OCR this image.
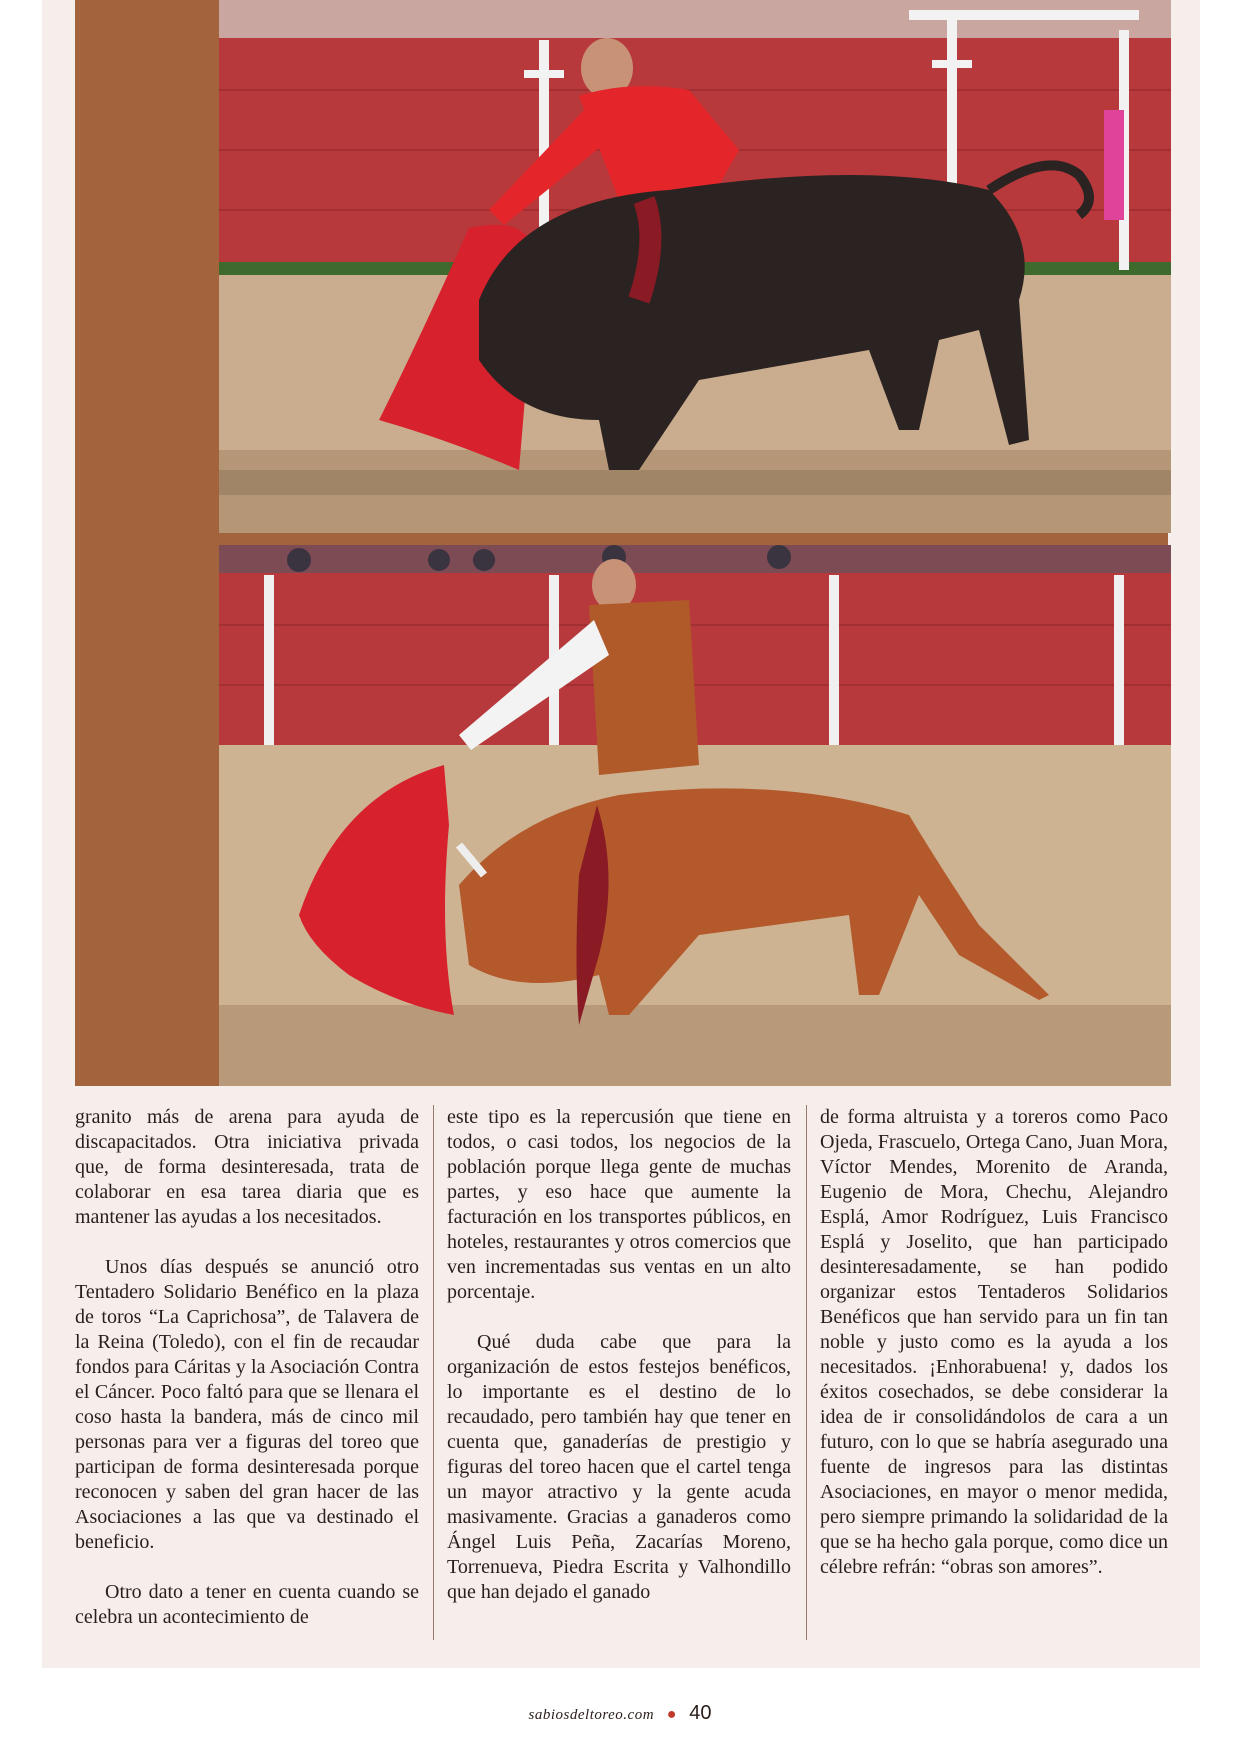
granito más de arena para ayuda de discapacitados. Otra iniciativa privada que, de forma desinteresada, trata de colaborar en esa tarea diaria que es mantener las ayudas a los necesitados.

Unos días después se anunció otro Tentadero Solidario Benéfico en la plaza de toros “La Caprichosa”, de Talavera de la Reina (Toledo), con el fin de recaudar fondos para Cáritas y la Asociación Contra el Cáncer. Poco faltó para que se llenara el coso hasta la bandera, más de cinco mil personas para ver a figuras del toreo que participan de forma desinteresada porque reconocen y saben del gran hacer de las Asociaciones a las que va destinado el beneficio.

Otro dato a tener en cuenta cuando se celebra un acontecimiento de

este tipo es la repercusión que tiene en todos, o casi todos, los negocios de la población porque llega gente de muchas partes, y eso hace que aumente la facturación en los transportes públicos, en hoteles, restaurantes y otros comercios que ven incrementadas sus ventas en un alto porcentaje.

Qué duda cabe que para la organización de estos festejos benéficos, lo importante es el destino de lo recaudado, pero también hay que tener en cuenta que, ganaderías de prestigio y figuras del toreo hacen que el cartel tenga un mayor atractivo y la gente acuda masivamente. Gracias a ganaderos como Ángel Luis Peña, Zacarías Moreno, Torrenueva, Piedra Escrita y Valhondillo que han dejado el ganado

de forma altruista y a toreros como Paco Ojeda, Frascuelo, Ortega Cano, Juan Mora, Víctor Mendes, Morenito de Aranda, Eugenio de Mora, Chechu, Alejandro Esplá, Amor Rodríguez, Luis Francisco Esplá y Joselito, que han participado desinteresadamente, se han podido organizar estos Tentaderos Solidarios Benéficos que han servido para un fin tan noble y justo como es la ayuda a los necesitados. ¡Enhorabuena! y, dados los éxitos cosechados, se debe considerar la idea de ir consolidándolos de cara a un futuro, con lo que se habría asegurado una fuente de ingresos para las distintas Asociaciones, en mayor o menor medida, pero siempre primando la solidaridad de la que se ha hecho gala porque, como dice un célebre refrán: “obras son amores”.

sabiosdeltoreo.com ● 40
